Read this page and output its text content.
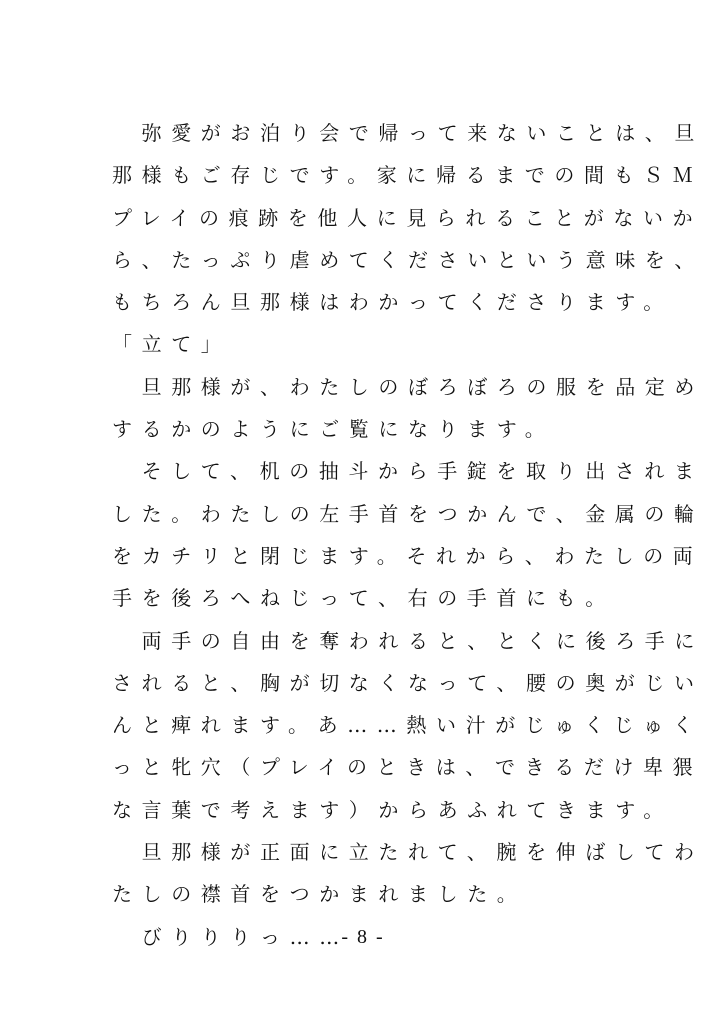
　弥愛がお泊り会で帰って来ないことは、旦
那様もご存じです。家に帰るまでの間もＳＭ
プレイの痕跡を他人に見られることがないか
ら、たっぷり虐めてくださいという意味を、
もちろん旦那様はわかってくださります。
「立て」
　旦那様が、わたしのぼろぼろの服を品定め
するかのようにご覧になります。
　そして、机の抽斗から手錠を取り出されま
した。わたしの左手首をつかんで、金属の輪
をカチリと閉じます。それから、わたしの両
手を後ろへねじって、右の手首にも。
　両手の自由を奪われると、とくに後ろ手に
されると、胸が切なくなって、腰の奥がじい
んと痺れます。あ……熱い汁がじゅくじゅく
っと牝穴（プレイのときは、できるだけ卑猥
な言葉で考えます）からあふれてきます。
　旦那様が正面に立たれて、腕を伸ばしてわ
たしの襟首をつかまれました。
　びりりりっ……
- 8 -
